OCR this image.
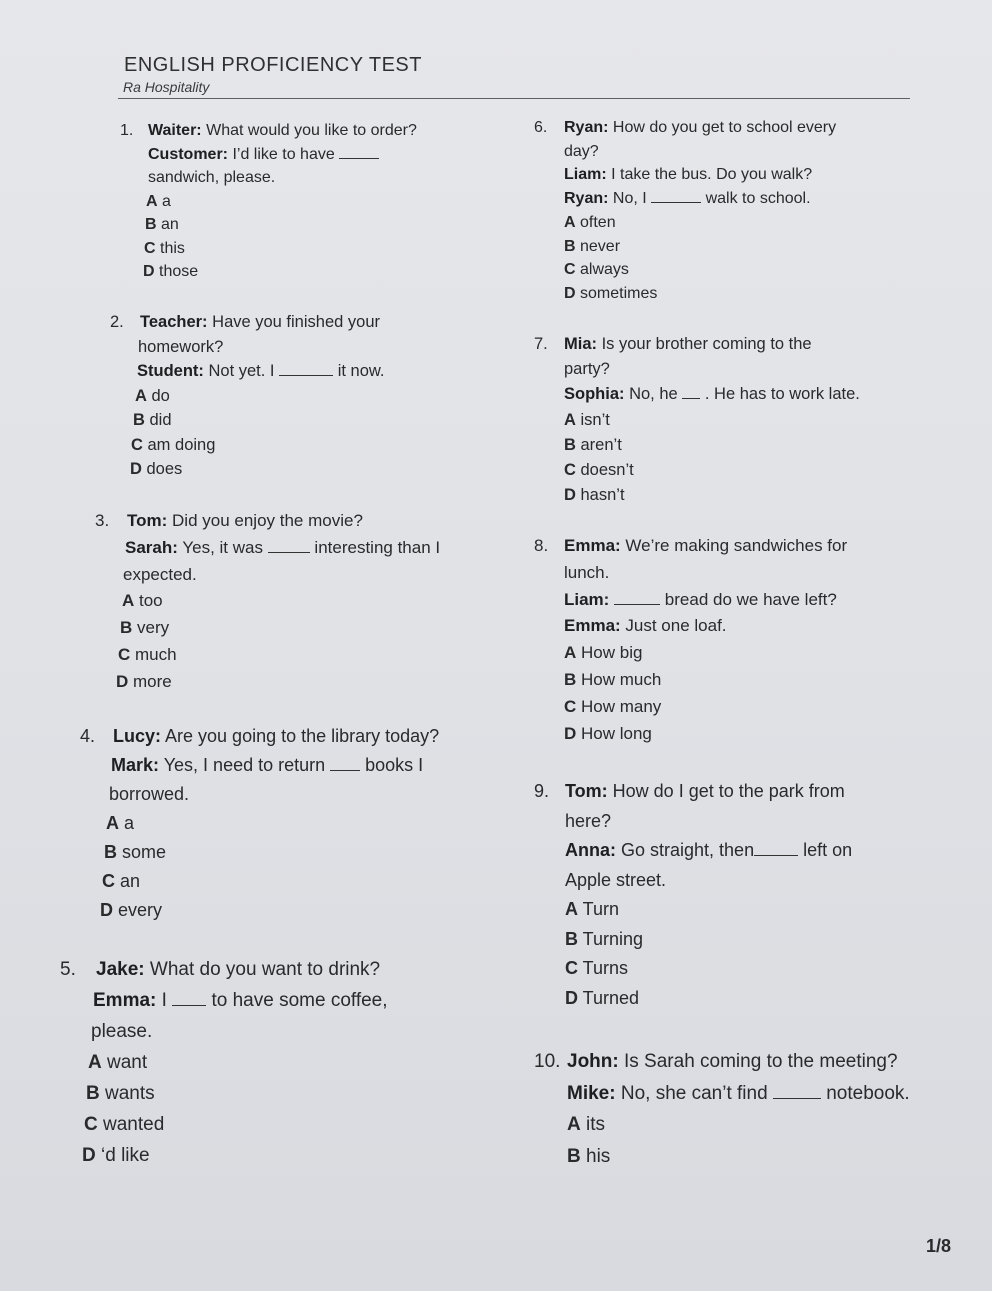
ENGLISH PROFICIENCY TEST
Ra Hospitality
1. Waiter: What would you like to order?
Customer: I’d like to have
sandwich, please.
A a
B an
C this
D those
2. Teacher: Have you finished your
homework?
Student: Not yet. I	it now.
A do
B did
C am doing
D does
3. Tom: Did you enjoy the movie?
Sarah: Yes, it was  interesting than I
expected.
A too
B very
C much
D more
4. Lucy: Are you going to the library today?
Mark: Yes, I need to return  books I
borrowed.
A a
B some
C an
D every
5. Jake: What do you want to drink?
Emma: I  to have some coffee,
please.
A want
B wants
C wanted
D ‘d like
6. Ryan: How do you get to school every
day?
Liam: I take the bus. Do you walk?
Ryan: No, I	walk to school.
A often
B never
C always
D sometimes
7. Mia: Is your brother coming to the
party?
Sophia: No, he  . He has to work late.
A isn’t
B aren’t
C doesn’t
D hasn’t
8. Emma: We’re making sandwiches for
lunch.
Liam:	bread do we have left?
Emma: Just one loaf.
A How big
B How much
C How many
D How long
9. Tom: How do I get to the park from
here?
Anna: Go straight, then left on
Apple street.
A Turn
B Turning
C Turns
D Turned
10. John: Is Sarah coming to the meeting?
Mike: No, she can’t find	notebook.
A its
B his
1/8
